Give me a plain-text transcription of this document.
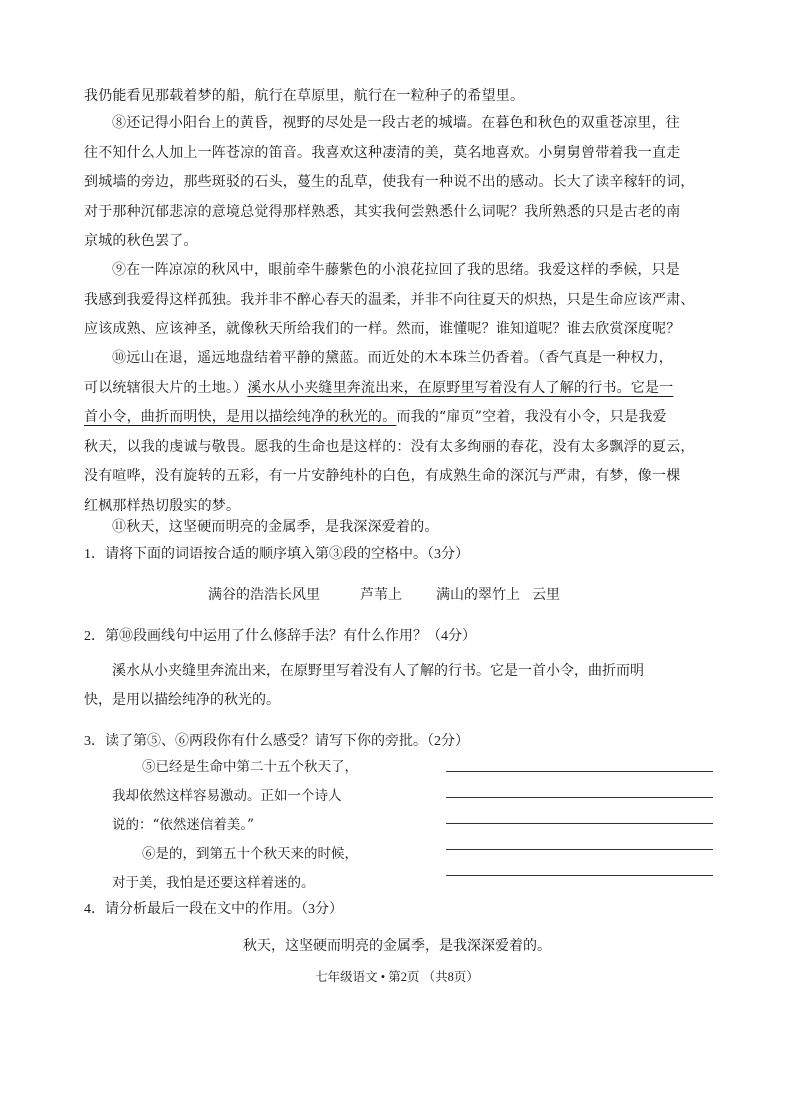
我仍能看见那载着梦的船，航行在草原里，航行在一粒种子的希望里。
⑧还记得小阳台上的黄昏，视野的尽处是一段古老的城墙。在暮色和秋色的双重苍凉里，往
往不知什么人加上一阵苍凉的笛音。我喜欢这种凄清的美，莫名地喜欢。小舅舅曾带着我一直走
到城墙的旁边，那些斑驳的石头，蔓生的乱草，使我有一种说不出的感动。长大了读辛稼轩的词，
对于那种沉郁悲凉的意境总觉得那样熟悉，其实我何尝熟悉什么词呢？我所熟悉的只是古老的南
京城的秋色罢了。
⑨在一阵凉凉的秋风中，眼前牵牛藤紫色的小浪花拉回了我的思绪。我爱这样的季候，只是
我感到我爱得这样孤独。我并非不醉心春天的温柔，并非不向往夏天的炽热，只是生命应该严肃、
应该成熟、应该神圣，就像秋天所给我们的一样。然而，谁懂呢？谁知道呢？谁去欣赏深度呢？
⑩远山在退，遥远地盘结着平静的黛蓝。而近处的木本珠兰仍香着。（香气真是一种权力，
可以统辖很大片的土地。）溪水从小夹缝里奔流出来，在原野里写着没有人了解的行书。它是一
首小令，曲折而明快，是用以描绘纯净的秋光的。而我的“扉页”空着，我没有小令，只是我爱
秋天，以我的虔诚与敬畏。愿我的生命也是这样的：没有太多绚丽的春花，没有太多飘浮的夏云，
没有喧哗，没有旋转的五彩，有一片安静纯朴的白色，有成熟生命的深沉与严肃，有梦，像一棵
红枫那样热切殷实的梦。
⑪秋天，这坚硬而明亮的金属季，是我深深爱着的。
1．请将下面的词语按合适的顺序填入第③段的空格中。（3分）
满谷的浩浩长风里	芦苇上 满山的翠竹上 云里
2．第⑩段画线句中运用了什么修辞手法？有什么作用？（4分）
溪水从小夹缝里奔流出来，在原野里写着没有人了解的行书。它是一首小令，曲折而明
快，是用以描绘纯净的秋光的。
3．读了第⑤、⑥两段你有什么感受？请写下你的旁批。（2分）
⑤已经是生命中第二十五个秋天了，
我却依然这样容易激动。正如一个诗人
说的：“依然迷信着美。”
⑥是的，到第五十个秋天来的时候，
对于美，我怕是还要这样着迷的。
4．请分析最后一段在文中的作用。（3分）
秋天，这坚硬而明亮的金属季，是我深深爱着的。
七年级语文 • 第2页 （共8页）
